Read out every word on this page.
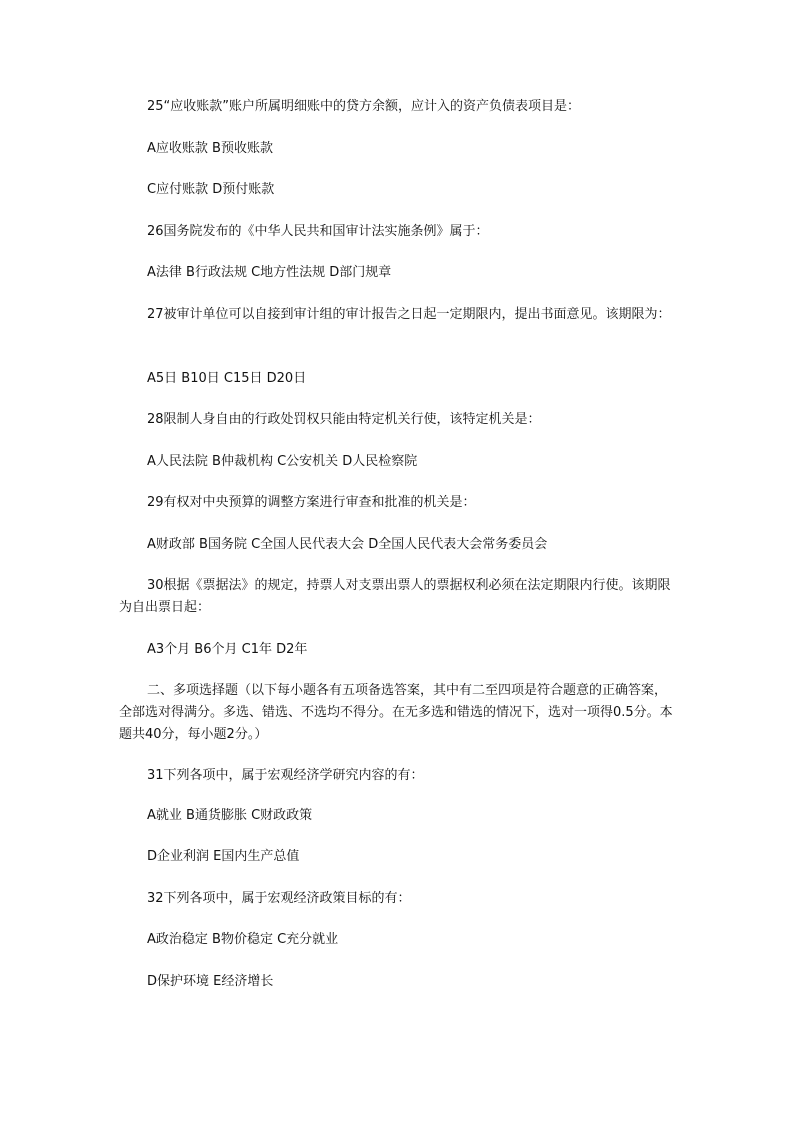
25“应收账款”账户所属明细账中的贷方余额，应计入的资产负债表项目是：

A应收账款 B预收账款

C应付账款 D预付账款

26国务院发布的《中华人民共和国审计法实施条例》属于：

A法律 B行政法规 C地方性法规 D部门规章

27被审计单位可以自接到审计组的审计报告之日起一定期限内，提出书面意见。该期限为：

A5日 B10日 C15日 D20日

28限制人身自由的行政处罚权只能由特定机关行使，该特定机关是：

A人民法院 B仲裁机构 C公安机关 D人民检察院

29有权对中央预算的调整方案进行审查和批准的机关是：

A财政部 B国务院 C全国人民代表大会 D全国人民代表大会常务委员会

30根据《票据法》的规定，持票人对支票出票人的票据权利必须在法定期限内行使。该期限为自出票日起：

A3个月 B6个月 C1年 D2年

二、多项选择题（以下每小题各有五项备选答案，其中有二至四项是符合题意的正确答案，全部选对得满分。多选、错选、不选均不得分。在无多选和错选的情况下，选对一项得0.5分。本题共40分，每小题2分。）

31下列各项中，属于宏观经济学研究内容的有：

A就业 B通货膨胀 C财政政策

D企业利润 E国内生产总值

32下列各项中，属于宏观经济政策目标的有：

A政治稳定 B物价稳定 C充分就业

D保护环境 E经济增长
